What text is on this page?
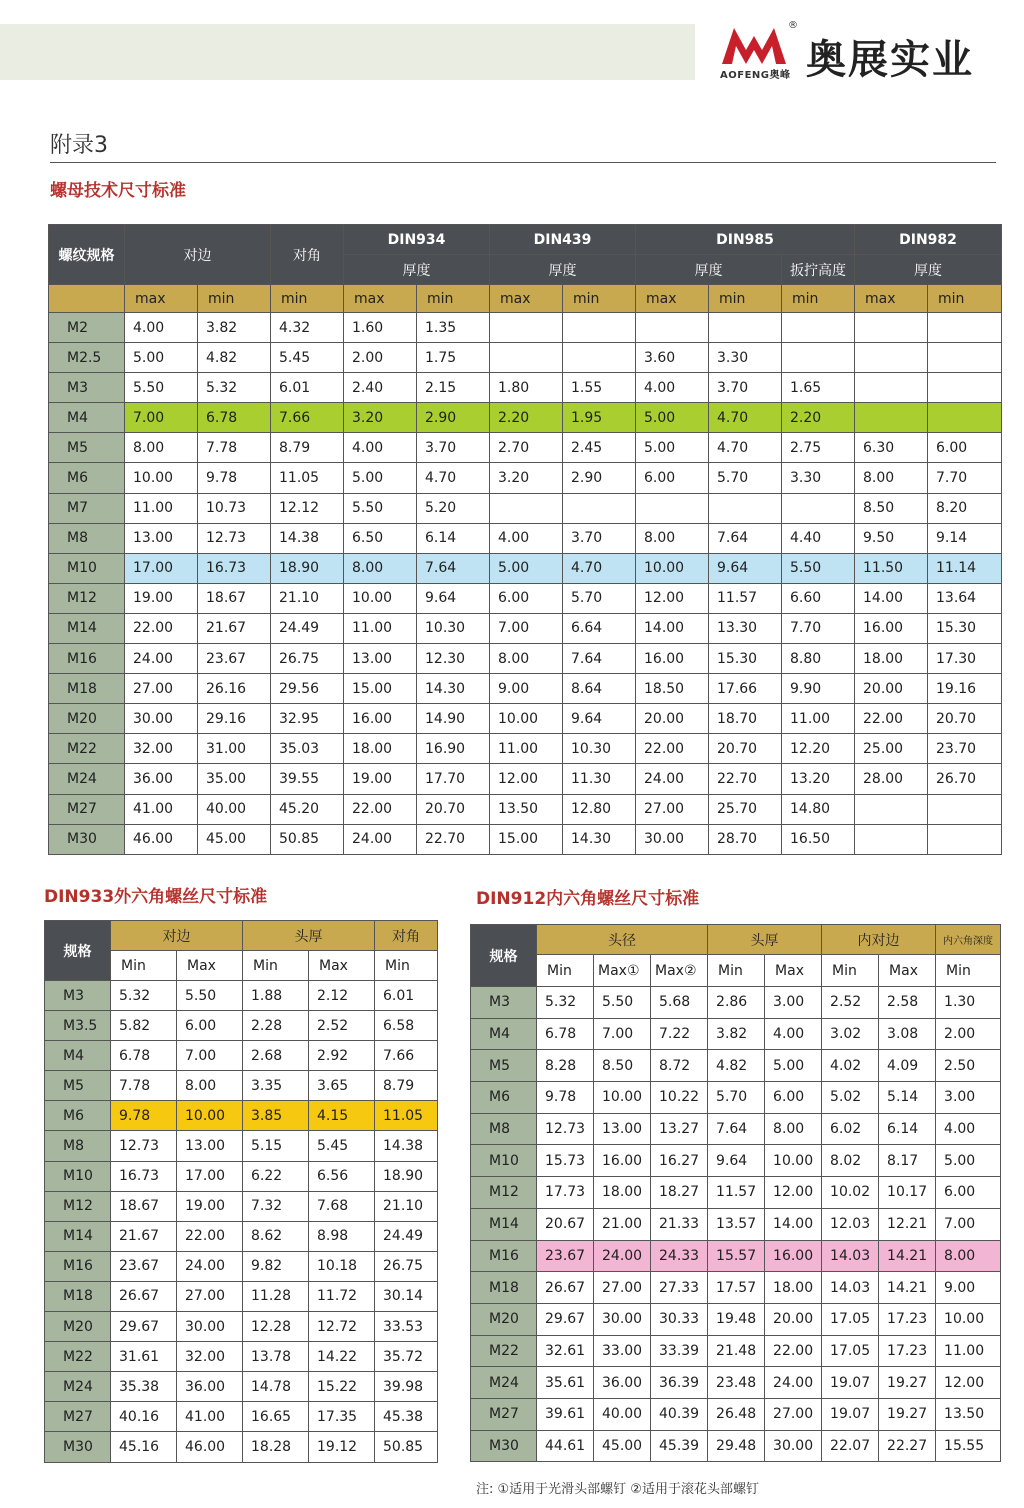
®
AOFENG奥峰 奥展实业
附录3
螺母技术尺寸标准
螺纹规格	对边		对角	DIN934		DIN439		DIN985			DIN982	
				厚度		厚度		厚度		扳拧高度	厚度	
	max	min	min	max	min	max	min	max	min	min	max	min
M2	4.00	3.82	4.32	1.60	1.35							
M2.5	5.00	4.82	5.45	2.00	1.75			3.60	3.30			
M3	5.50	5.32	6.01	2.40	2.15	1.80	1.55	4.00	3.70	1.65		
M4	7.00	6.78	7.66	3.20	2.90	2.20	1.95	5.00	4.70	2.20		
M5	8.00	7.78	8.79	4.00	3.70	2.70	2.45	5.00	4.70	2.75	6.30	6.00
M6	10.00	9.78	11.05	5.00	4.70	3.20	2.90	6.00	5.70	3.30	8.00	7.70
M7	11.00	10.73	12.12	5.50	5.20						8.50	8.20
M8	13.00	12.73	14.38	6.50	6.14	4.00	3.70	8.00	7.64	4.40	9.50	9.14
M10	17.00	16.73	18.90	8.00	7.64	5.00	4.70	10.00	9.64	5.50	11.50	11.14
M12	19.00	18.67	21.10	10.00	9.64	6.00	5.70	12.00	11.57	6.60	14.00	13.64
M14	22.00	21.67	24.49	11.00	10.30	7.00	6.64	14.00	13.30	7.70	16.00	15.30
M16	24.00	23.67	26.75	13.00	12.30	8.00	7.64	16.00	15.30	8.80	18.00	17.30
M18	27.00	26.16	29.56	15.00	14.30	9.00	8.64	18.50	17.66	9.90	20.00	19.16
M20	30.00	29.16	32.95	16.00	14.90	10.00	9.64	20.00	18.70	11.00	22.00	20.70
M22	32.00	31.00	35.03	18.00	16.90	11.00	10.30	22.00	20.70	12.20	25.00	23.70
M24	36.00	35.00	39.55	19.00	17.70	12.00	11.30	24.00	22.70	13.20	28.00	26.70
M27	41.00	40.00	45.20	22.00	20.70	13.50	12.80	27.00	25.70	14.80		
M30	46.00	45.00	50.85	24.00	22.70	15.00	14.30	30.00	28.70	16.50		
DIN933外六角螺丝尺寸标准	DIN912内六角螺丝尺寸标准
规格	对边		头厚		对角
	Min	Max	Min	Max	Min
M3	5.32	5.50	1.88	2.12	6.01
M3.5	5.82	6.00	2.28	2.52	6.58
M4	6.78	7.00	2.68	2.92	7.66
M5	7.78	8.00	3.35	3.65	8.79
M6	9.78	10.00	3.85	4.15	11.05
M8	12.73	13.00	5.15	5.45	14.38
M10	16.73	17.00	6.22	6.56	18.90
M12	18.67	19.00	7.32	7.68	21.10
M14	21.67	22.00	8.62	8.98	24.49
M16	23.67	24.00	9.82	10.18	26.75
M18	26.67	27.00	11.28	11.72	30.14
M20	29.67	30.00	12.28	12.72	33.53
M22	31.61	32.00	13.78	14.22	35.72
M24	35.38	36.00	14.78	15.22	39.98
M27	40.16	41.00	16.65	17.35	45.38
M30	45.16	46.00	18.28	19.12	50.85
规格	头径			头厚		内对边		内六角深度
	Min	Max①	Max②	Min	Max	Min	Max	Min
M3	5.32	5.50	5.68	2.86	3.00	2.52	2.58	1.30
M4	6.78	7.00	7.22	3.82	4.00	3.02	3.08	2.00
M5	8.28	8.50	8.72	4.82	5.00	4.02	4.09	2.50
M6	9.78	10.00	10.22	5.70	6.00	5.02	5.14	3.00
M8	12.73	13.00	13.27	7.64	8.00	6.02	6.14	4.00
M10	15.73	16.00	16.27	9.64	10.00	8.02	8.17	5.00
M12	17.73	18.00	18.27	11.57	12.00	10.02	10.17	6.00
M14	20.67	21.00	21.33	13.57	14.00	12.03	12.21	7.00
M16	23.67	24.00	24.33	15.57	16.00	14.03	14.21	8.00
M18	26.67	27.00	27.33	17.57	18.00	14.03	14.21	9.00
M20	29.67	30.00	30.33	19.48	20.00	17.05	17.23	10.00
M22	32.61	33.00	33.39	21.48	22.00	17.05	17.23	11.00
M24	35.61	36.00	36.39	23.48	24.00	19.07	19.27	12.00
M27	39.61	40.00	40.39	26.48	27.00	19.07	19.27	13.50
M30	44.61	45.00	45.39	29.48	30.00	22.07	22.27	15.55
注: ①适用于光滑头部螺钉 ②适用于滚花头部螺钉
